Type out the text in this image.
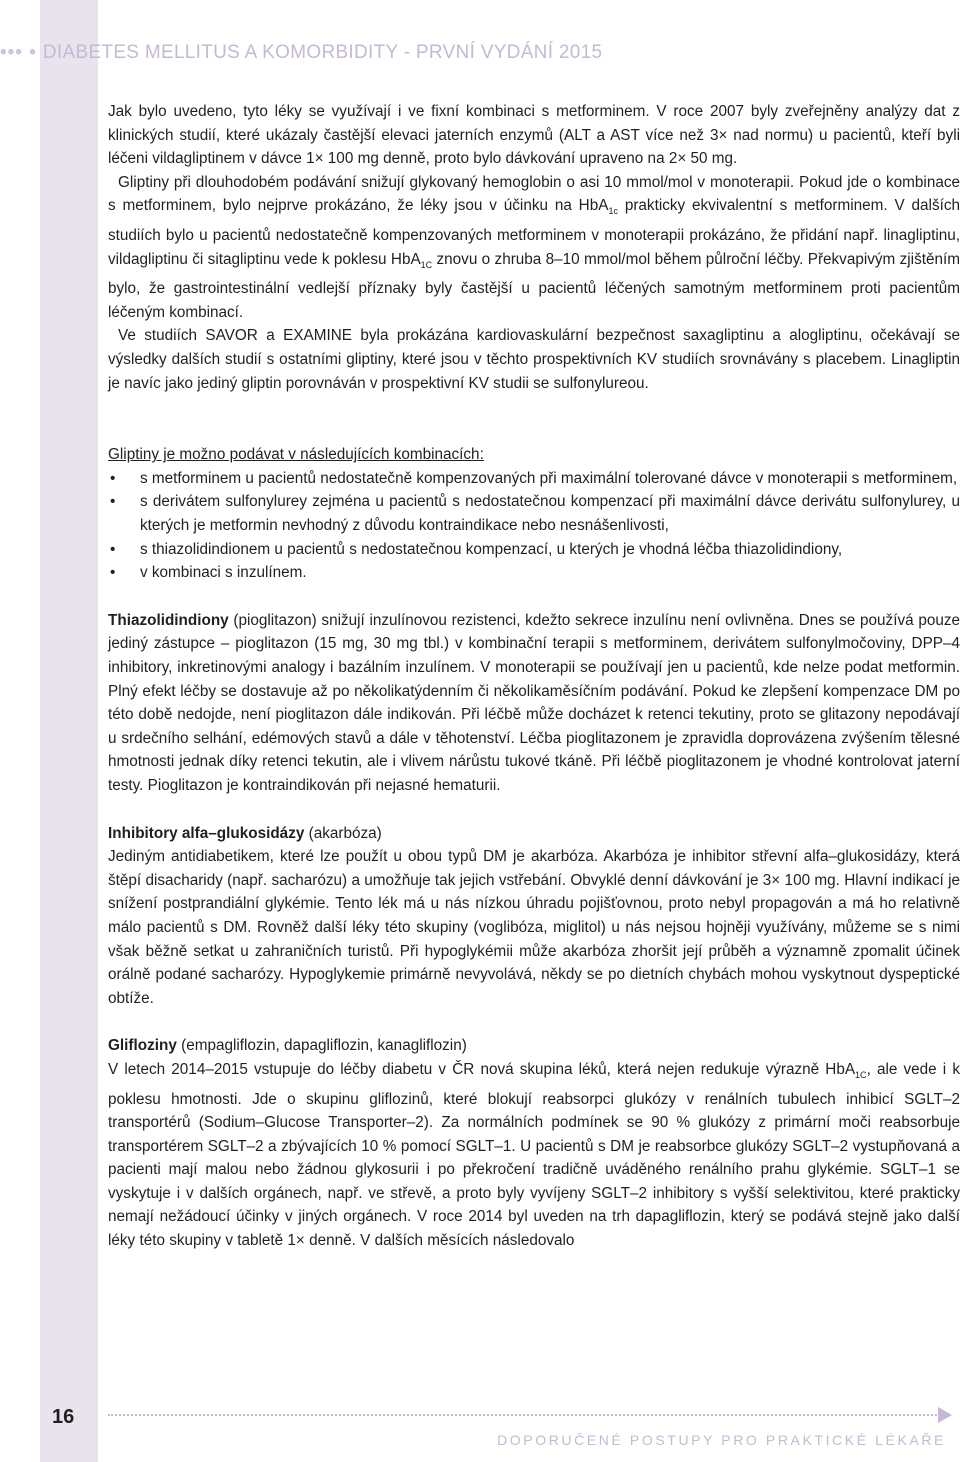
••• • DIABETES MELLITUS A KOMORBIDITY - PRVNÍ VYDÁNÍ 2015

Jak bylo uvedeno, tyto léky se využívají i ve fixní kombinaci s metforminem. V roce 2007 byly zveřejněny analýzy dat z klinických studií, které ukázaly častější elevaci jaterních enzymů (ALT a AST více než 3× nad normu) u pacientů, kteří byli léčeni vildagliptinem v dávce 1× 100 mg denně, proto bylo dávkování upraveno na 2× 50 mg.

Gliptiny při dlouhodobém podávání snižují glykovaný hemoglobin o asi 10 mmol/mol v monoterapii. Pokud jde o kombinace s metforminem, bylo nejprve prokázáno, že léky jsou v účinku na HbA$_{1c}$ prakticky ekvivalentní s metforminem. V dalších studiích bylo u pacientů nedostatečně kompenzovaných metforminem v monoterapii prokázáno, že přidání např. linagliptinu, vildagliptinu či sitagliptinu vede k poklesu HbA$_{1C}$ znovu o zhruba 8–10 mmol/mol během půlroční léčby. Překvapivým zjištěním bylo, že gastrointestinální vedlejší příznaky byly častější u pacientů léčených samotným metforminem proti pacientům léčeným kombinací.

Ve studiích SAVOR a EXAMINE byla prokázána kardiovaskulární bezpečnost saxagliptinu a alogliptinu, očekávají se výsledky dalších studií s ostatními gliptiny, které jsou v těchto prospektivních KV studiích srovnávány s placebem. Linagliptin je navíc jako jediný gliptin porovnáván v prospektivní KV studii se sulfonylureou.

Gliptiny je možno podávat v následujících kombinacích:

• s metforminem u pacientů nedostatečně kompenzovaných při maximální tolerované dávce v monoterapii s metforminem,
• s derivátem sulfonylurey zejména u pacientů s nedostatečnou kompenzací při maximální dávce derivátu sulfonylurey, u kterých je metformin nevhodný z důvodu kontraindikace nebo nesnášenlivosti,
• s thiazolidindionem u pacientů s nedostatečnou kompenzací, u kterých je vhodná léčba thiazolidindiony,
• v kombinaci s inzulínem.

Thiazolidindiony (pioglitazon) snižují inzulínovou rezistenci, kdežto sekrece inzulínu není ovlivněna. Dnes se používá pouze jediný zástupce – pioglitazon (15 mg, 30 mg tbl.) v kombinační terapii s metforminem, derivátem sulfonylmočoviny, DPP–4 inhibitory, inkretinovými analogy i bazálním inzulínem. V monoterapii se používají jen u pacientů, kde nelze podat metformin. Plný efekt léčby se dostavuje až po několikatýdenním či několikaměsíčním podávání. Pokud ke zlepšení kompenzace DM po této době nedojde, není pioglitazon dále indikován. Při léčbě může docházet k retenci tekutiny, proto se glitazony nepodávají u srdečního selhání, edémových stavů a dále v těhotenství. Léčba pioglitazonem je zpravidla doprovázena zvýšením tělesné hmotnosti jednak díky retenci tekutin, ale i vlivem nárůstu tukové tkáně. Při léčbě pioglitazonem je vhodné kontrolovat jaterní testy. Pioglitazon je kontraindikován při nejasné hematurii.

Inhibitory alfa–glukosidázy (akarbóza)

Jediným antidiabetikem, které lze použít u obou typů DM je akarbóza. Akarbóza je inhibitor střevní alfa–glukosidázy, která štěpí disacharidy (např. sacharózu) a umožňuje tak jejich vstřebání. Obvyklé denní dávkování je 3× 100 mg. Hlavní indikací je snížení postprandiální glykémie. Tento lék má u nás nízkou úhradu pojišťovnou, proto nebyl propagován a má ho relativně málo pacientů s DM. Rovněž další léky této skupiny (voglibóza, miglitol) u nás nejsou hojněji využívány, můžeme se s nimi však běžně setkat u zahraničních turistů. Při hypoglykémii může akarbóza zhoršit její průběh a významně zpomalit účinek orálně podané sacharózy. Hypoglykemie primárně nevyvolává, někdy se po dietních chybách mohou vyskytnout dyspeptické obtíže.

Glifloziny (empagliflozin, dapagliflozin, kanagliflozin)

V letech 2014–2015 vstupuje do léčby diabetu v ČR nová skupina léků, která nejen redukuje výrazně HbA$_{1C}$, ale vede i k poklesu hmotnosti. Jde o skupinu gliflozinů, které blokují reabsorpci glukózy v renálních tubulech inhibicí SGLT–2 transportérů (Sodium–Glucose Transporter–2). Za normálních podmínek se 90 % glukózy z primární moči reabsorbuje transportérem SGLT–2 a zbývajících 10 % pomocí SGLT–1. U pacientů s DM je reabsorbce glukózy SGLT–2 vystupňovaná a pacienti mají malou nebo žádnou glykosurii i po překročení tradičně uváděného renálního prahu glykémie. SGLT–1 se vyskytuje i v dalších orgánech, např. ve střevě, a proto byly vyvíjeny SGLT–2 inhibitory s vyšší selektivitou, které prakticky nemají nežádoucí účinky v jiných orgánech. V roce 2014 byl uveden na trh dapagliflozin, který se podává stejně jako další léky této skupiny v tabletě 1× denně. V dalších měsících následovalo

16
DOPORUČENÉ POSTUPY PRO PRAKTICKÉ LÉKAŘE
